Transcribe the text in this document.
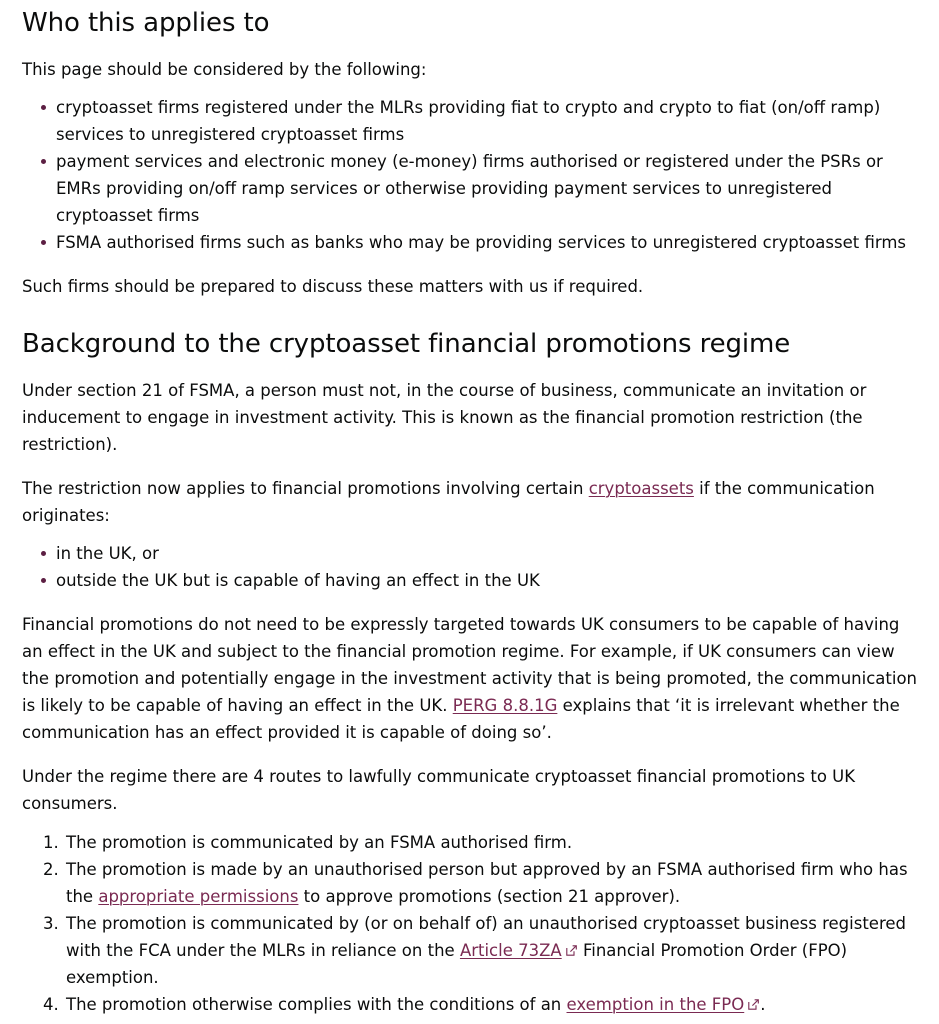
Who this applies to

This page should be considered by the following:

cryptoasset firms registered under the MLRs providing fiat to crypto and crypto to fiat (on/off ramp) services to unregistered cryptoasset firms
payment services and electronic money (e-money) firms authorised or registered under the PSRs or EMRs providing on/off ramp services or otherwise providing payment services to unregistered cryptoasset firms
FSMA authorised firms such as banks who may be providing services to unregistered cryptoasset firms

Such firms should be prepared to discuss these matters with us if required.

Background to the cryptoasset financial promotions regime

Under section 21 of FSMA, a person must not, in the course of business, communicate an invitation or inducement to engage in investment activity. This is known as the financial promotion restriction (the restriction).

The restriction now applies to financial promotions involving certain cryptoassets if the communication originates:

in the UK, or
outside the UK but is capable of having an effect in the UK

Financial promotions do not need to be expressly targeted towards UK consumers to be capable of having an effect in the UK and subject to the financial promotion regime. For example, if UK consumers can view the promotion and potentially engage in the investment activity that is being promoted, the communication is likely to be capable of having an effect in the UK. PERG 8.8.1G explains that ‘it is irrelevant whether the communication has an effect provided it is capable of doing so’.

Under the regime there are 4 routes to lawfully communicate cryptoasset financial promotions to UK consumers.

The promotion is communicated by an FSMA authorised firm.
The promotion is made by an unauthorised person but approved by an FSMA authorised firm who has the appropriate permissions to approve promotions (section 21 approver).
The promotion is communicated by (or on behalf of) an unauthorised cryptoasset business registered with the FCA under the MLRs in reliance on the Article 73ZA
Financial Promotion Order (FPO) exemption.
The promotion otherwise complies with the conditions of an exemption in the FPO .
